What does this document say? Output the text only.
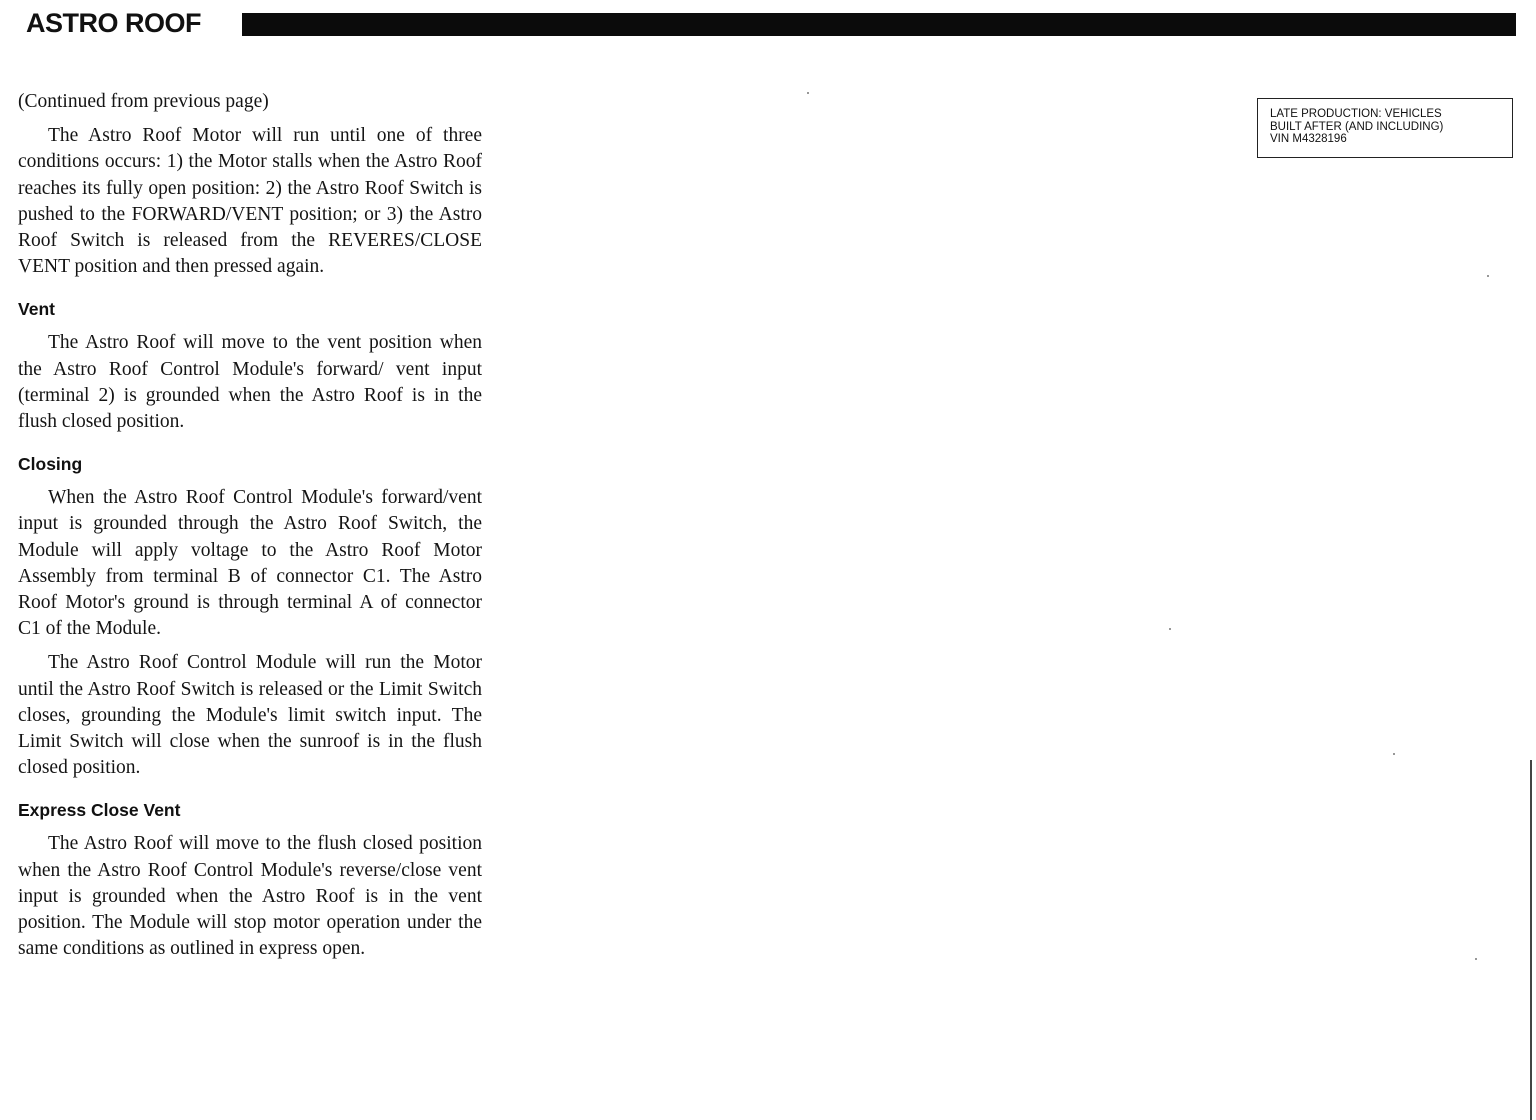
ASTRO ROOF

(Continued from previous page)

The Astro Roof Motor will run until one of three conditions occurs: 1) the Motor stalls when the Astro Roof reaches its fully open position: 2) the Astro Roof Switch is pushed to the FORWARD/VENT position; or 3) the Astro Roof Switch is released from the REVERES/CLOSE VENT position and then pressed again.

Vent

The Astro Roof will move to the vent position when the Astro Roof Control Module's forward/ vent input (terminal 2) is grounded when the Astro Roof is in the flush closed position.

Closing

When the Astro Roof Control Module's forward/vent input is grounded through the Astro Roof Switch, the Module will apply voltage to the Astro Roof Motor Assembly from terminal B of connector C1. The Astro Roof Motor's ground is through terminal A of connector C1 of the Module.

The Astro Roof Control Module will run the Motor until the Astro Roof Switch is released or the Limit Switch closes, grounding the Module's limit switch input. The Limit Switch will close when the sunroof is in the flush closed position.

Express Close Vent

The Astro Roof will move to the flush closed position when the Astro Roof Control Module's reverse/close vent input is grounded when the Astro Roof is in the vent position. The Module will stop motor operation under the same conditions as outlined in express open.

LATE PRODUCTION: VEHICLES
BUILT AFTER (AND INCLUDING)
VIN M4328196
